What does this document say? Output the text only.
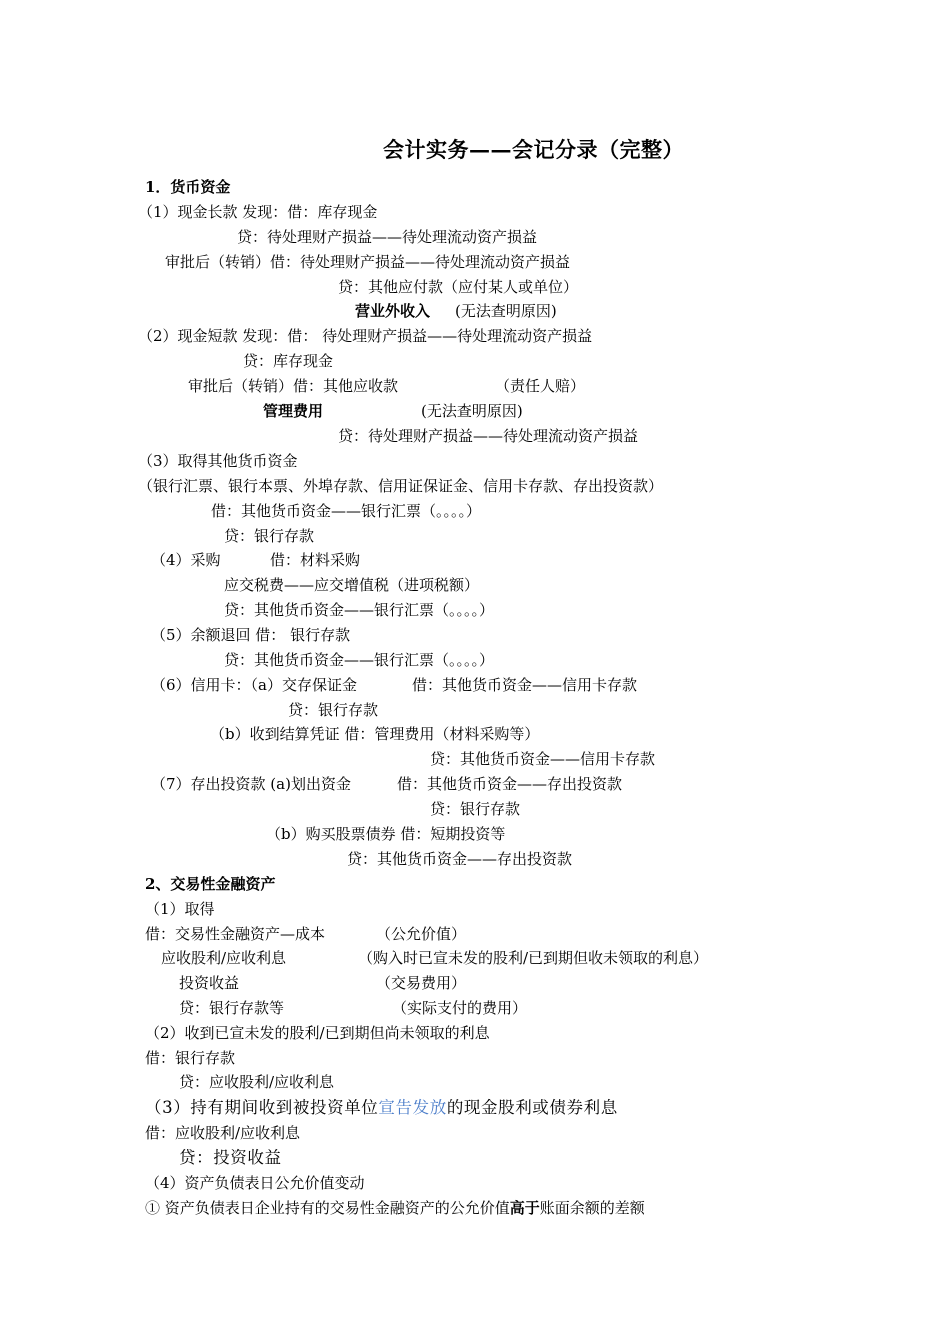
会计实务——会记分录（完整）
1．货币资金
（1）现金长款 发现：借：库存现金
贷：待处理财产损益——待处理流动资产损益
审批后（转销）借：待处理财产损益——待处理流动资产损益
贷：其他应付款（应付某人或单位）
营业外收入 (无法查明原因)
（2）现金短款 发现：借： 待处理财产损益——待处理流动资产损益
贷：库存现金
审批后（转销）借：其他应收款	（责任人赔）
管理费用	(无法查明原因)
贷：待处理财产损益——待处理流动资产损益
（3）取得其他货币资金
（银行汇票、银行本票、外埠存款、信用证保证金、信用卡存款、存出投资款）
借：其他货币资金——银行汇票（。。。。）
贷：银行存款
（4）采购	借：材料采购
应交税费——应交增值税（进项税额）
贷：其他货币资金——银行汇票（。。。。）
（5）余额退回 借： 银行存款
贷：其他货币资金——银行汇票（。。。。）
（6）信用卡：（a）交存保证金	借：其他货币资金——信用卡存款
贷：银行存款
（b）收到结算凭证 借：管理费用（材料采购等）
贷：其他货币资金——信用卡存款
（7）存出投资款 (a)划出资金	借：其他货币资金——存出投资款
贷：银行存款
（b）购买股票债券 借：短期投资等
贷：其他货币资金——存出投资款
2、交易性金融资产
（1）取得
借：交易性金融资产—成本	（公允价值）
应收股利/应收利息	（购入时已宣未发的股利/已到期但收未领取的利息）
投资收益	（交易费用）
贷：银行存款等	（实际支付的费用）
（2）收到已宣未发的股利/已到期但尚未领取的利息
借：银行存款
贷：应收股利/应收利息
（3）持有期间收到被投资单位宣告发放的现金股利或债券利息
借：应收股利/应收利息
贷：投资收益
（4）资产负债表日公允价值变动
① 资产负债表日企业持有的交易性金融资产的公允价值高于账面余额的差额
